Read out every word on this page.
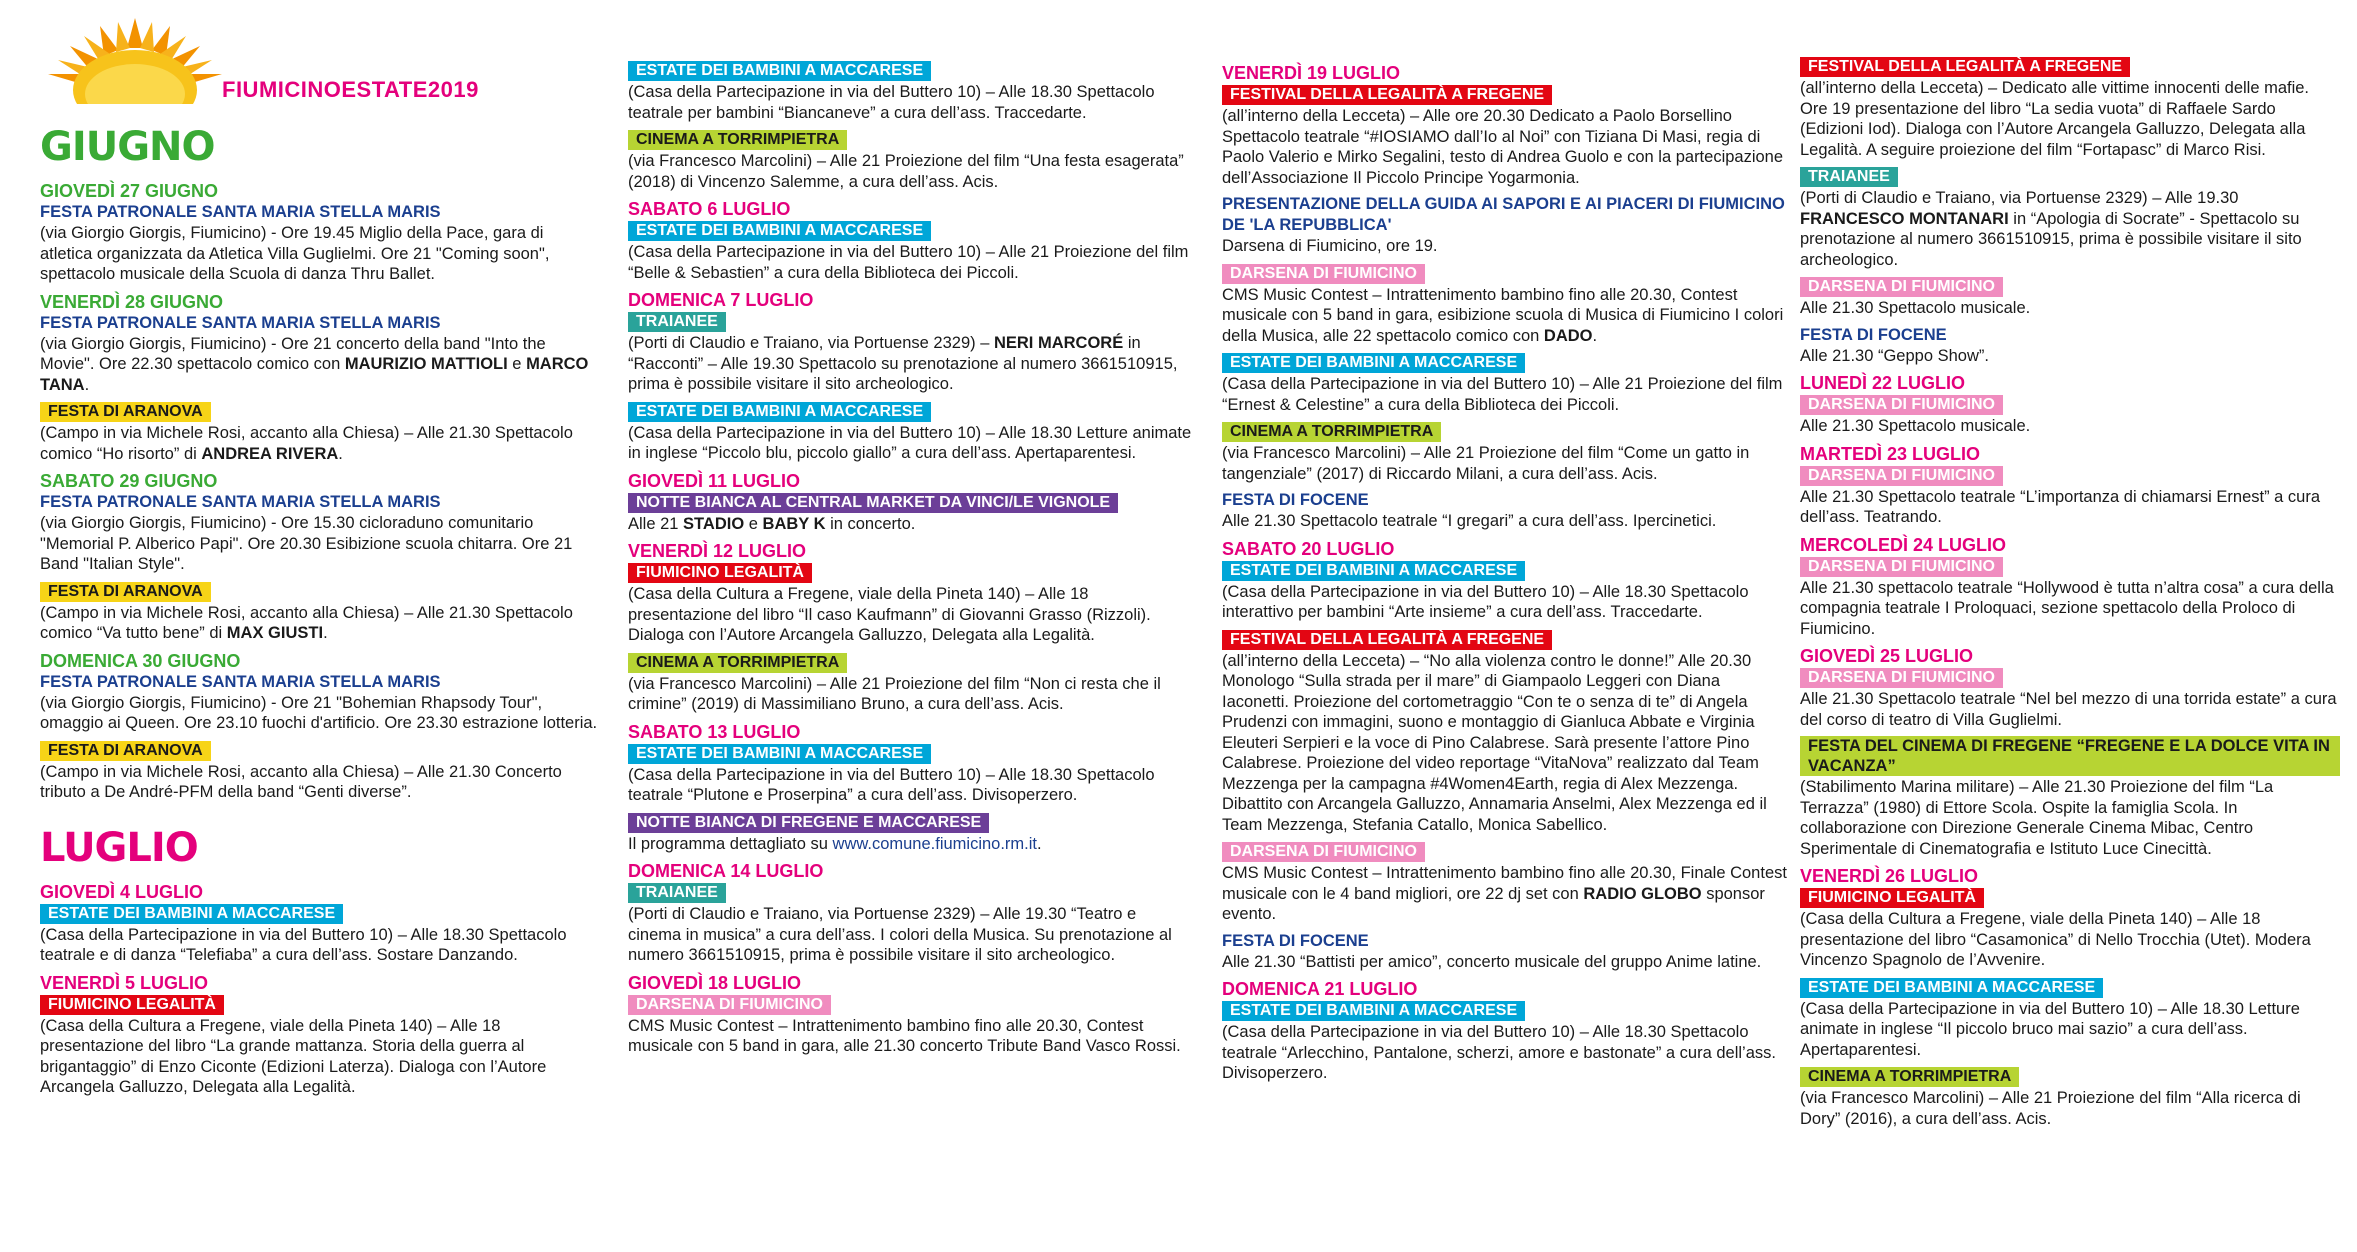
FIUMICINOESTATE2019
GIUGNO
GIOVEDÌ 27 GIUGNO
FESTA PATRONALE SANTA MARIA STELLA MARIS

(via Giorgio Giorgis, Fiumicino) - Ore 19.45 Miglio della Pace, gara di atletica organizzata da Atletica Villa Guglielmi. Ore 21 "Coming soon", spettacolo musicale della Scuola di danza Thru Ballet.

VENERDÌ 28 GIUGNO
FESTA PATRONALE SANTA MARIA STELLA MARIS

(via Giorgio Giorgis, Fiumicino) - Ore 21 concerto della band "Into the Movie". Ore 22.30 spettacolo comico con MAURIZIO MATTIOLI e MARCO TANA.

FESTA DI ARANOVA

(Campo in via Michele Rosi, accanto alla Chiesa) – Alle 21.30 Spettacolo comico “Ho risorto” di ANDREA RIVERA.

SABATO 29 GIUGNO
FESTA PATRONALE SANTA MARIA STELLA MARIS

(via Giorgio Giorgis, Fiumicino) - Ore 15.30 cicloraduno comunitario "Memorial P. Alberico Papi". Ore 20.30 Esibizione scuola chitarra. Ore 21 Band "Italian Style".

FESTA DI ARANOVA

(Campo in via Michele Rosi, accanto alla Chiesa) – Alle 21.30 Spettacolo comico “Va tutto bene” di MAX GIUSTI.

DOMENICA 30 GIUGNO
FESTA PATRONALE SANTA MARIA STELLA MARIS

(via Giorgio Giorgis, Fiumicino) - Ore 21 "Bohemian Rhapsody Tour", omaggio ai Queen. Ore 23.10 fuochi d'artificio. Ore 23.30 estrazione lotteria.

FESTA DI ARANOVA

(Campo in via Michele Rosi, accanto alla Chiesa) – Alle 21.30 Concerto tributo a De André-PFM della band “Genti diverse”.

LUGLIO
GIOVEDÌ 4 LUGLIO
ESTATE DEI BAMBINI A MACCARESE

(Casa della Partecipazione in via del Buttero 10) – Alle 18.30 Spettacolo teatrale e di danza “Telefiaba” a cura dell’ass. Sostare Danzando.

VENERDÌ 5 LUGLIO
FIUMICINO LEGALITÀ

(Casa della Cultura a Fregene, viale della Pineta 140) – Alle 18 presentazione del libro “La grande mattanza. Storia della guerra al brigantaggio” di Enzo Ciconte (Edizioni Laterza). Dialoga con l’Autore Arcangela Galluzzo, Delegata alla Legalità.

ESTATE DEI BAMBINI A MACCARESE

(Casa della Partecipazione in via del Buttero 10) – Alle 18.30 Spettacolo teatrale per bambini “Biancaneve” a cura dell’ass. Traccedarte.

CINEMA A TORRIMPIETRA

(via Francesco Marcolini) – Alle 21 Proiezione del film “Una festa esagerata” (2018) di Vincenzo Salemme, a cura dell’ass. Acis.

SABATO 6 LUGLIO
ESTATE DEI BAMBINI A MACCARESE

(Casa della Partecipazione in via del Buttero 10) – Alle 21 Proiezione del film “Belle & Sebastien” a cura della Biblioteca dei Piccoli.

DOMENICA 7 LUGLIO
TRAIANEE

(Porti di Claudio e Traiano, via Portuense 2329) – NERI MARCORÉ in “Racconti” – Alle 19.30 Spettacolo su prenotazione al numero 3661510915, prima è possibile visitare il sito archeologico.

ESTATE DEI BAMBINI A MACCARESE

(Casa della Partecipazione in via del Buttero 10) – Alle 18.30 Letture animate in inglese “Piccolo blu, piccolo giallo” a cura dell’ass. Apertaparentesi.

GIOVEDÌ 11 LUGLIO
NOTTE BIANCA AL CENTRAL MARKET DA VINCI/LE VIGNOLE

Alle 21 STADIO e BABY K in concerto.

VENERDÌ 12 LUGLIO
FIUMICINO LEGALITÀ

(Casa della Cultura a Fregene, viale della Pineta 140) – Alle 18 presentazione del libro “Il caso Kaufmann” di Giovanni Grasso (Rizzoli). Dialoga con l’Autore Arcangela Galluzzo, Delegata alla Legalità.

CINEMA A TORRIMPIETRA

(via Francesco Marcolini) – Alle 21 Proiezione del film “Non ci resta che il crimine” (2019) di Massimiliano Bruno, a cura dell’ass. Acis.

SABATO 13 LUGLIO
ESTATE DEI BAMBINI A MACCARESE

(Casa della Partecipazione in via del Buttero 10) – Alle 18.30 Spettacolo teatrale “Plutone e Proserpina” a cura dell’ass. Divisoperzero.

NOTTE BIANCA DI FREGENE E MACCARESE

Il programma dettagliato su www.comune.fiumicino.rm.it.

DOMENICA 14 LUGLIO
TRAIANEE

(Porti di Claudio e Traiano, via Portuense 2329) – Alle 19.30 “Teatro e cinema in musica” a cura dell’ass. I colori della Musica. Su prenotazione al numero 3661510915, prima è possibile visitare il sito archeologico.

GIOVEDÌ 18 LUGLIO
DARSENA DI FIUMICINO

CMS Music Contest – Intrattenimento bambino fino alle 20.30, Contest musicale con 5 band in gara, alle 21.30 concerto Tribute Band Vasco Rossi.

VENERDÌ 19 LUGLIO
FESTIVAL DELLA LEGALITÀ A FREGENE

(all’interno della Lecceta) – Alle ore 20.30 Dedicato a Paolo Borsellino Spettacolo teatrale “#IOSIAMO dall’Io al Noi” con Tiziana Di Masi, regia di Paolo Valerio e Mirko Segalini, testo di Andrea Guolo e con la partecipazione dell’Associazione Il Piccolo Principe Yogarmonia.

PRESENTAZIONE DELLA GUIDA AI SAPORI E AI PIACERI DI FIUMICINO DE 'LA REPUBBLICA'

Darsena di Fiumicino, ore 19.

DARSENA DI FIUMICINO

CMS Music Contest – Intrattenimento bambino fino alle 20.30, Contest musicale con 5 band in gara, esibizione scuola di Musica di Fiumicino I colori della Musica, alle 22 spettacolo comico con DADO.

ESTATE DEI BAMBINI A MACCARESE

(Casa della Partecipazione in via del Buttero 10) – Alle 21 Proiezione del film “Ernest & Celestine” a cura della Biblioteca dei Piccoli.

CINEMA A TORRIMPIETRA

(via Francesco Marcolini) – Alle 21 Proiezione del film “Come un gatto in tangenziale” (2017) di Riccardo Milani, a cura dell’ass. Acis.

FESTA DI FOCENE

Alle 21.30 Spettacolo teatrale “I gregari” a cura dell’ass. Ipercinetici.

SABATO 20 LUGLIO
ESTATE DEI BAMBINI A MACCARESE

(Casa della Partecipazione in via del Buttero 10) – Alle 18.30 Spettacolo interattivo per bambini “Arte insieme” a cura dell’ass. Traccedarte.

FESTIVAL DELLA LEGALITÀ A FREGENE

(all’interno della Lecceta) – “No alla violenza contro le donne!” Alle 20.30 Monologo “Sulla strada per il mare” di Giampaolo Leggeri con Diana Iaconetti. Proiezione del cortometraggio “Con te o senza di te” di Angela Prudenzi con immagini, suono e montaggio di Gianluca Abbate e Virginia Eleuteri Serpieri e la voce di Pino Calabrese. Sarà presente l’attore Pino Calabrese. Proiezione del video reportage “VitaNova” realizzato dal Team Mezzenga per la campagna #4Women4Earth, regia di Alex Mezzenga. Dibattito con Arcangela Galluzzo, Annamaria Anselmi, Alex Mezzenga ed il Team Mezzenga, Stefania Catallo, Monica Sabellico.

DARSENA DI FIUMICINO

CMS Music Contest – Intrattenimento bambino fino alle 20.30, Finale Contest musicale con le 4 band migliori, ore 22 dj set con RADIO GLOBO sponsor evento.

FESTA DI FOCENE

Alle 21.30 “Battisti per amico”, concerto musicale del gruppo Anime latine.

DOMENICA 21 LUGLIO
ESTATE DEI BAMBINI A MACCARESE

(Casa della Partecipazione in via del Buttero 10) – Alle 18.30 Spettacolo teatrale “Arlecchino, Pantalone, scherzi, amore e bastonate” a cura dell’ass. Divisoperzero.

FESTIVAL DELLA LEGALITÀ A FREGENE

(all’interno della Lecceta) – Dedicato alle vittime innocenti delle mafie. Ore 19 presentazione del libro “La sedia vuota” di Raffaele Sardo (Edizioni Iod). Dialoga con l’Autore Arcangela Galluzzo, Delegata alla Legalità. A seguire proiezione del film “Fortapasc” di Marco Risi.

TRAIANEE

(Porti di Claudio e Traiano, via Portuense 2329) – Alle 19.30 FRANCESCO MONTANARI in “Apologia di Socrate” - Spettacolo su prenotazione al numero 3661510915, prima è possibile visitare il sito archeologico.

DARSENA DI FIUMICINO

Alle 21.30 Spettacolo musicale.

FESTA DI FOCENE

Alle 21.30 “Geppo Show”.

LUNEDÌ 22 LUGLIO
DARSENA DI FIUMICINO

Alle 21.30 Spettacolo musicale.

MARTEDÌ 23 LUGLIO
DARSENA DI FIUMICINO

Alle 21.30 Spettacolo teatrale “L’importanza di chiamarsi Ernest” a cura dell’ass. Teatrando.

MERCOLEDÌ 24 LUGLIO
DARSENA DI FIUMICINO

Alle 21.30 spettacolo teatrale “Hollywood è tutta n’altra cosa” a cura della compagnia teatrale I Proloquaci, sezione spettacolo della Proloco di Fiumicino.

GIOVEDÌ 25 LUGLIO
DARSENA DI FIUMICINO

Alle 21.30 Spettacolo teatrale “Nel bel mezzo di una torrida estate” a cura del corso di teatro di Villa Guglielmi.

FESTA DEL CINEMA DI FREGENE “FREGENE E LA DOLCE VITA IN VACANZA”

(Stabilimento Marina militare) – Alle 21.30 Proiezione del film “La Terrazza” (1980) di Ettore Scola. Ospite la famiglia Scola. In collaborazione con Direzione Generale Cinema Mibac, Centro Sperimentale di Cinematografia e Istituto Luce Cinecittà.

VENERDÌ 26 LUGLIO
FIUMICINO LEGALITÀ

(Casa della Cultura a Fregene, viale della Pineta 140) – Alle 18 presentazione del libro “Casamonica” di Nello Trocchia (Utet). Modera Vincenzo Spagnolo de l’Avvenire.

ESTATE DEI BAMBINI A MACCARESE

(Casa della Partecipazione in via del Buttero 10) – Alle 18.30 Letture animate in inglese “Il piccolo bruco mai sazio” a cura dell’ass. Apertaparentesi.

CINEMA A TORRIMPIETRA

(via Francesco Marcolini) – Alle 21 Proiezione del film “Alla ricerca di Dory” (2016), a cura dell’ass. Acis.
